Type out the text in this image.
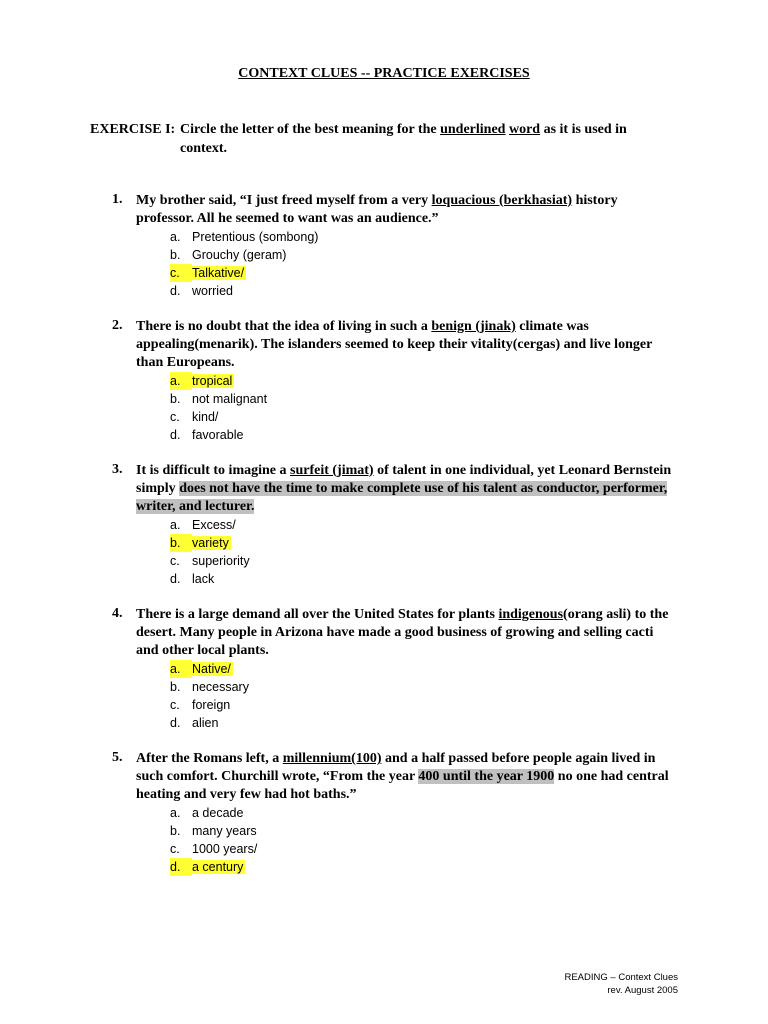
CONTEXT CLUES -- PRACTICE EXERCISES
EXERCISE I: Circle the letter of the best meaning for the underlined word as it is used in
context.
1. My brother said, “I just freed myself from a very loquacious (berkhasiat) history professor. All he seemed to want was an audience.”
a. Pretentious (sombong)
b. Grouchy (geram)
c. Talkative/
d. worried
2. There is no doubt that the idea of living in such a benign (jinak) climate was appealing(menarik). The islanders seemed to keep their vitality(cergas) and live longer than Europeans.
a. tropical
b. not malignant
c. kind/
d. favorable
3. It is difficult to imagine a surfeit (jimat) of talent in one individual, yet Leonard Bernstein simply does not have the time to make complete use of his talent as conductor, performer, writer, and lecturer.
a. Excess/
b. variety
c. superiority
d. lack
4. There is a large demand all over the United States for plants indigenous(orang asli) to the desert. Many people in Arizona have made a good business of growing and selling cacti and other local plants.
a. Native/
b. necessary
c. foreign
d. alien
5. After the Romans left, a millennium(100) and a half passed before people again lived in such comfort. Churchill wrote, “From the year 400 until the year 1900 no one had central heating and very few had hot baths.”
a. a decade
b. many years
c. 1000 years/
d. a century
READING – Context Clues
rev. August 2005
